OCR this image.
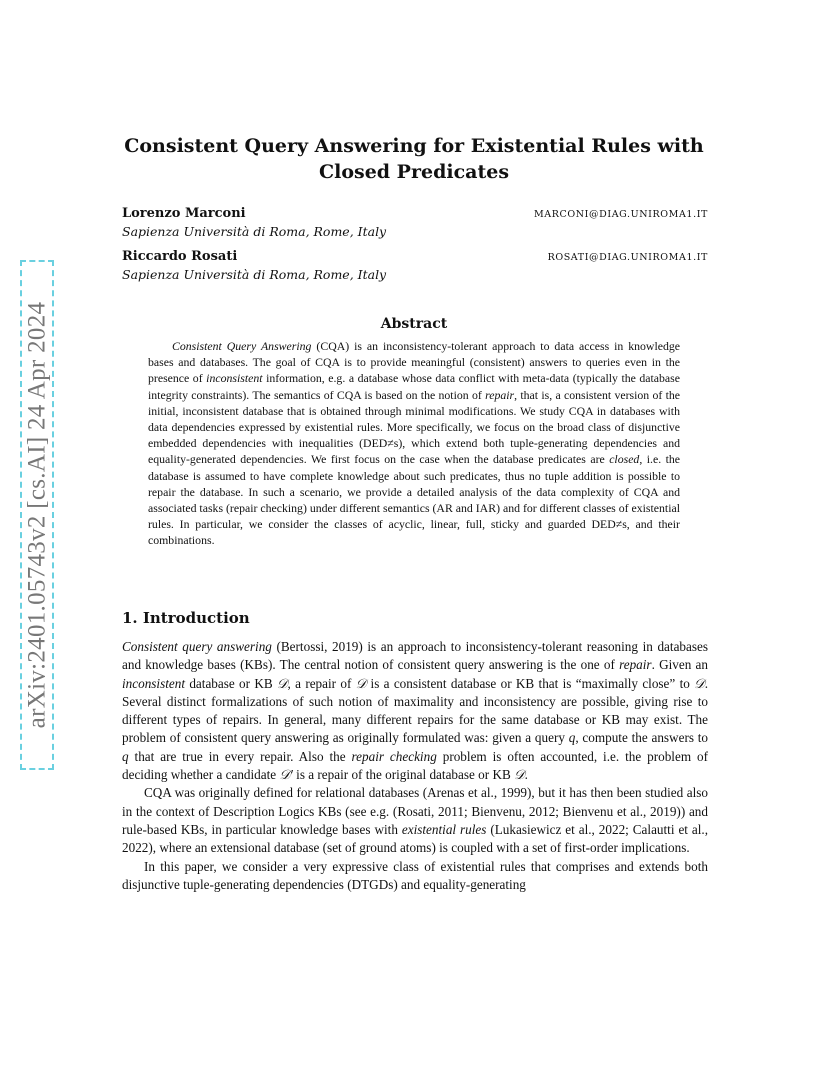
arXiv:2401.05743v2 [cs.AI] 24 Apr 2024
Consistent Query Answering for Existential Rules with Closed Predicates
Lorenzo Marconi	MARCONI@DIAG.UNIROMA1.IT
Sapienza Università di Roma, Rome, Italy
Riccardo Rosati	ROSATI@DIAG.UNIROMA1.IT
Sapienza Università di Roma, Rome, Italy
Abstract

Consistent Query Answering (CQA) is an inconsistency-tolerant approach to data access in knowledge bases and databases. The goal of CQA is to provide meaningful (consistent) answers to queries even in the presence of inconsistent information, e.g. a database whose data conflict with meta-data (typically the database integrity constraints). The semantics of CQA is based on the notion of repair, that is, a consistent version of the initial, inconsistent database that is obtained through minimal modifications. We study CQA in databases with data dependencies expressed by existential rules. More specifically, we focus on the broad class of disjunctive embedded dependencies with inequalities (DED≠s), which extend both tuple-generating dependencies and equality-generated dependencies. We first focus on the case when the database predicates are closed, i.e. the database is assumed to have complete knowledge about such predicates, thus no tuple addition is possible to repair the database. In such a scenario, we provide a detailed analysis of the data complexity of CQA and associated tasks (repair checking) under different semantics (AR and IAR) and for different classes of existential rules. In particular, we consider the classes of acyclic, linear, full, sticky and guarded DED≠s, and their combinations.

1. Introduction

Consistent query answering (Bertossi, 2019) is an approach to inconsistency-tolerant reasoning in databases and knowledge bases (KBs). The central notion of consistent query answering is the one of repair. Given an inconsistent database or KB 𝒟, a repair of 𝒟 is a consistent database or KB that is “maximally close” to 𝒟. Several distinct formalizations of such notion of maximality and inconsistency are possible, giving rise to different types of repairs. In general, many different repairs for the same database or KB may exist. The problem of consistent query answering as originally formulated was: given a query q, compute the answers to q that are true in every repair. Also the repair checking problem is often accounted, i.e. the problem of deciding whether a candidate 𝒟′ is a repair of the original database or KB 𝒟.

CQA was originally defined for relational databases (Arenas et al., 1999), but it has then been studied also in the context of Description Logics KBs (see e.g. (Rosati, 2011; Bienvenu, 2012; Bienvenu et al., 2019)) and rule-based KBs, in particular knowledge bases with existential rules (Lukasiewicz et al., 2022; Calautti et al., 2022), where an extensional database (set of ground atoms) is coupled with a set of first-order implications.

In this paper, we consider a very expressive class of existential rules that comprises and extends both disjunctive tuple-generating dependencies (DTGDs) and equality-generating
